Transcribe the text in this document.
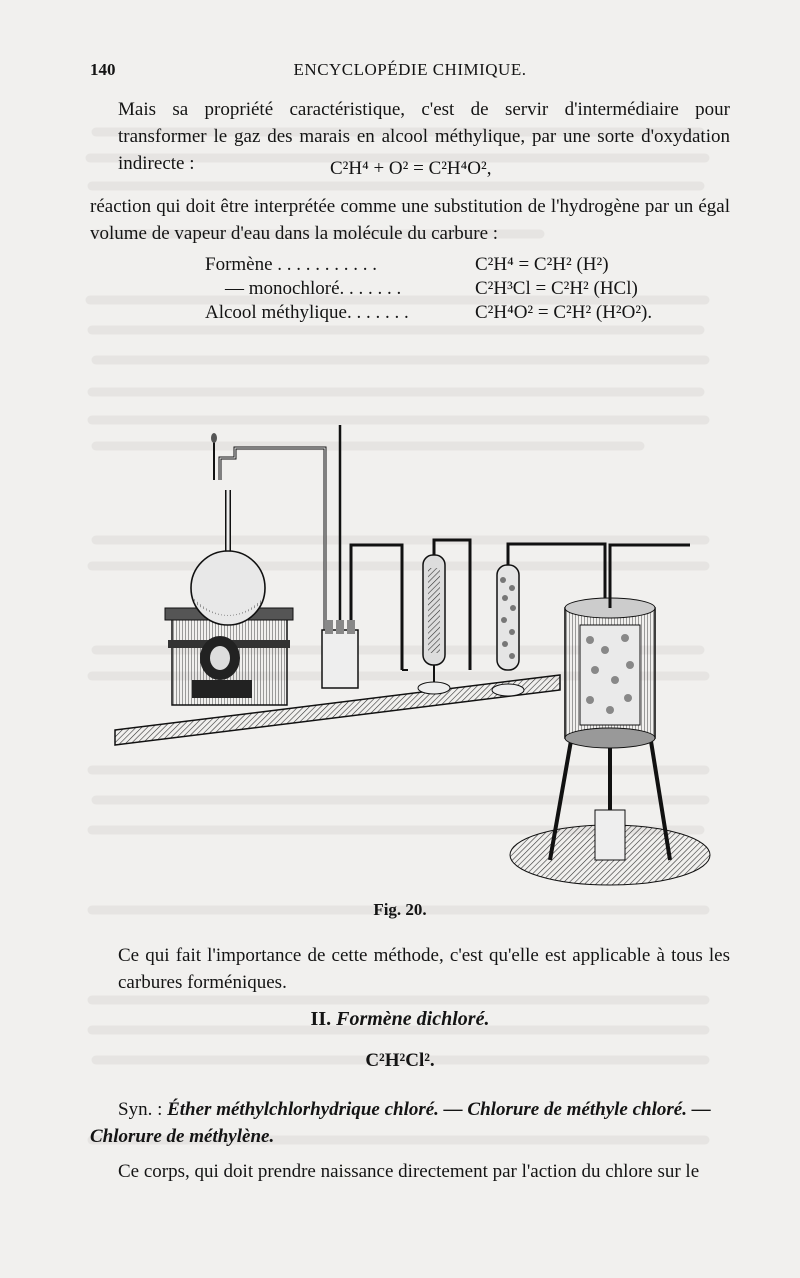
140	ENCYCLOPÉDIE CHIMIQUE.
Mais sa propriété caractéristique, c'est de servir d'intermédiaire pour transformer le gaz des marais en alcool méthylique, par une sorte d'oxydation indirecte :	C²H⁴ + O² = C²H⁴O²,
réaction qui doit être interprétée comme une substitution de l'hydrogène par un égal volume de vapeur d'eau dans la molécule du carbure :
Formène . . . . . . . . . . .	C²H⁴ = C²H² (H²)
— monochloré. . . . . . .	C²H³Cl = C²H² (HCl)
Alcool méthylique. . . . . . .	C²H⁴O² = C²H² (H²O²).
Fig. 20.
Ce qui fait l'importance de cette méthode, c'est qu'elle est applicable à tous les carbures forméniques.
II. Formène dichloré.
C²H²Cl².
Syn. : Éther méthylchlorhydrique chloré. — Chlorure de méthyle chloré. — Chlorure de méthylène.
Ce corps, qui doit prendre naissance directement par l'action du chlore sur le
